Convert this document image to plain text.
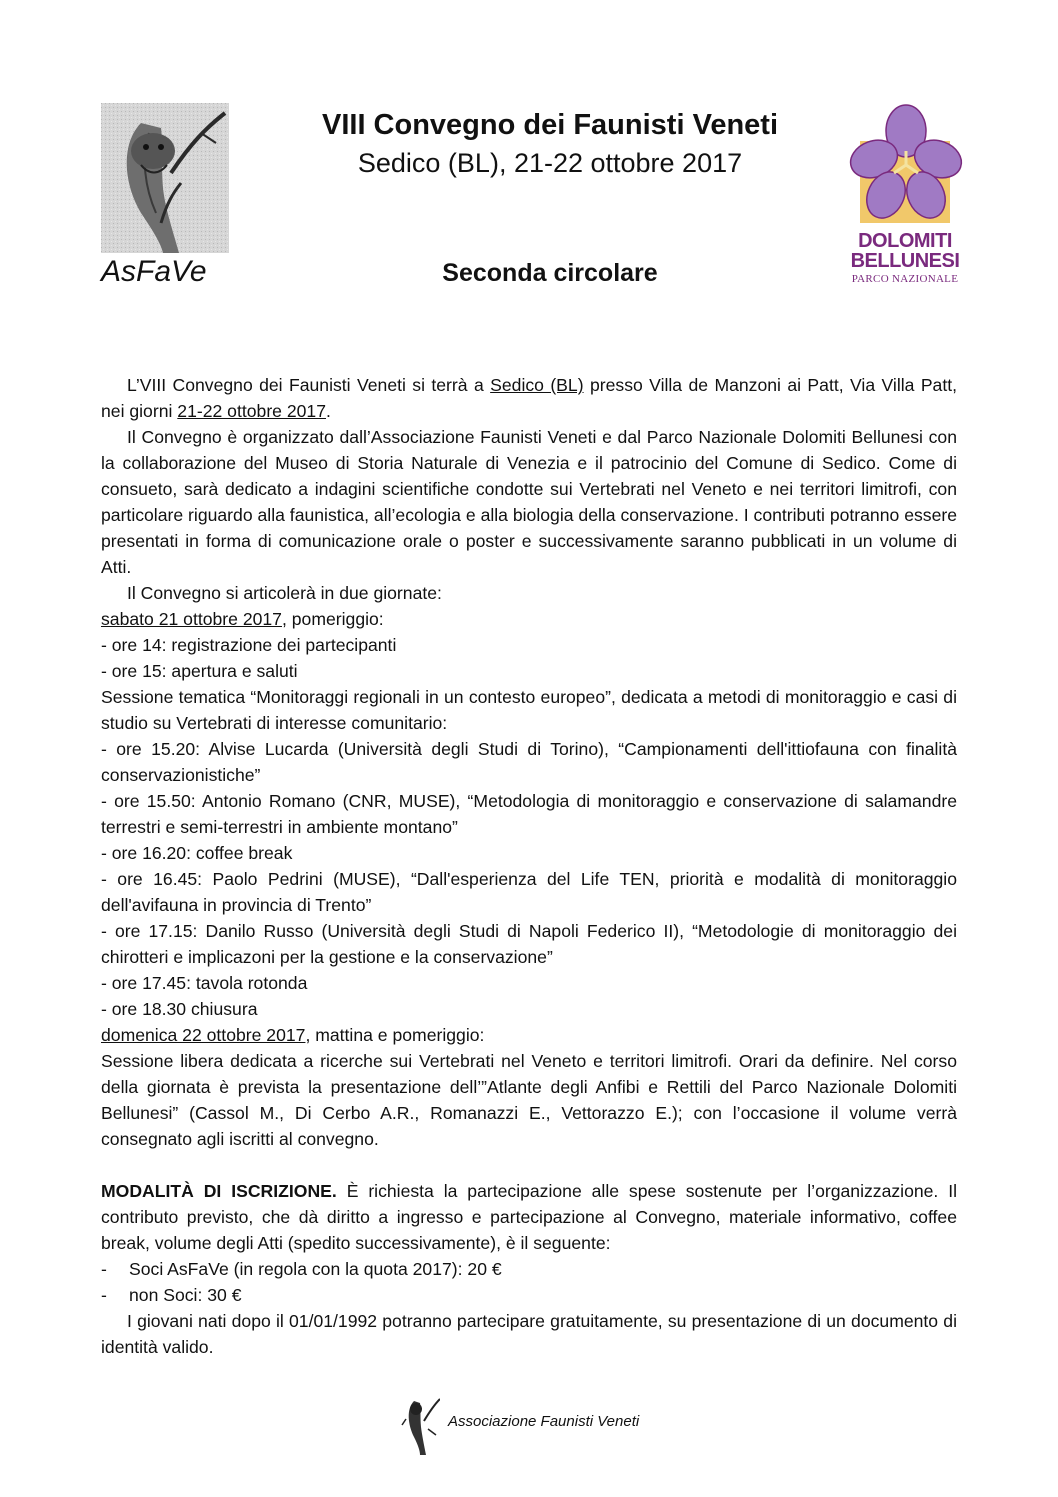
AsFaVe
DOLOMITI
BELLUNESI
PARCO NAZIONALE
VIII Convegno dei Faunisti Veneti
Sedico (BL), 21-22 ottobre 2017
Seconda circolare

L’VIII Convegno dei Faunisti Veneti si terrà a Sedico (BL) presso Villa de Manzoni ai Patt, Via Villa Patt, nei giorni 21-22 ottobre 2017.

Il Convegno è organizzato dall’Associazione Faunisti Veneti e dal Parco Nazionale Dolomiti Bellunesi con la collaborazione del Museo di Storia Naturale di Venezia e il patrocinio del Comune di Sedico. Come di consueto, sarà dedicato a indagini scientifiche condotte sui Vertebrati nel Veneto e nei territori limitrofi, con particolare riguardo alla faunistica, all’ecologia e alla biologia della conservazione. I contributi potranno essere presentati in forma di comunicazione orale o poster e successivamente saranno pubblicati in un volume di Atti.

Il Convegno si articolerà in due giornate:

sabato 21 ottobre 2017, pomeriggio:

- ore 14: registrazione dei partecipanti

- ore 15: apertura e saluti

Sessione tematica “Monitoraggi regionali in un contesto europeo”, dedicata a metodi di monitoraggio e casi di studio su Vertebrati di interesse comunitario:

- ore 15.20: Alvise Lucarda (Università degli Studi di Torino), “Campionamenti dell'ittiofauna con finalità conservazionistiche”

- ore 15.50: Antonio Romano (CNR, MUSE), “Metodologia di monitoraggio e conservazione di salamandre terrestri e semi-terrestri in ambiente montano”

- ore 16.20: coffee break

- ore 16.45: Paolo Pedrini (MUSE), “Dall'esperienza del Life TEN, priorità e modalità di monitoraggio dell'avifauna in provincia di Trento”

- ore 17.15: Danilo Russo (Università degli Studi di Napoli Federico II), “Metodologie di monitoraggio dei chirotteri e implicazoni per la gestione e la conservazione”

- ore 17.45: tavola rotonda

- ore 18.30 chiusura

domenica 22 ottobre 2017, mattina e pomeriggio:

Sessione libera dedicata a ricerche sui Vertebrati nel Veneto e territori limitrofi. Orari da definire. Nel corso della giornata è prevista la presentazione dell’”Atlante degli Anfibi e Rettili del Parco Nazionale Dolomiti Bellunesi” (Cassol M., Di Cerbo A.R., Romanazzi E., Vettorazzo E.); con l’occasione il volume verrà consegnato agli iscritti al convegno.

MODALITÀ DI ISCRIZIONE. È richiesta la partecipazione alle spese sostenute per l’organizzazione. Il contributo previsto, che dà diritto a ingresso e partecipazione al Convegno, materiale informativo, coffee break, volume degli Atti (spedito successivamente), è il seguente:

- Soci AsFaVe (in regola con la quota 2017): 20 €

- non Soci: 30 €

I giovani nati dopo il 01/01/1992 potranno partecipare gratuitamente, su presentazione di un documento di identità valido.

Associazione Faunisti Veneti
